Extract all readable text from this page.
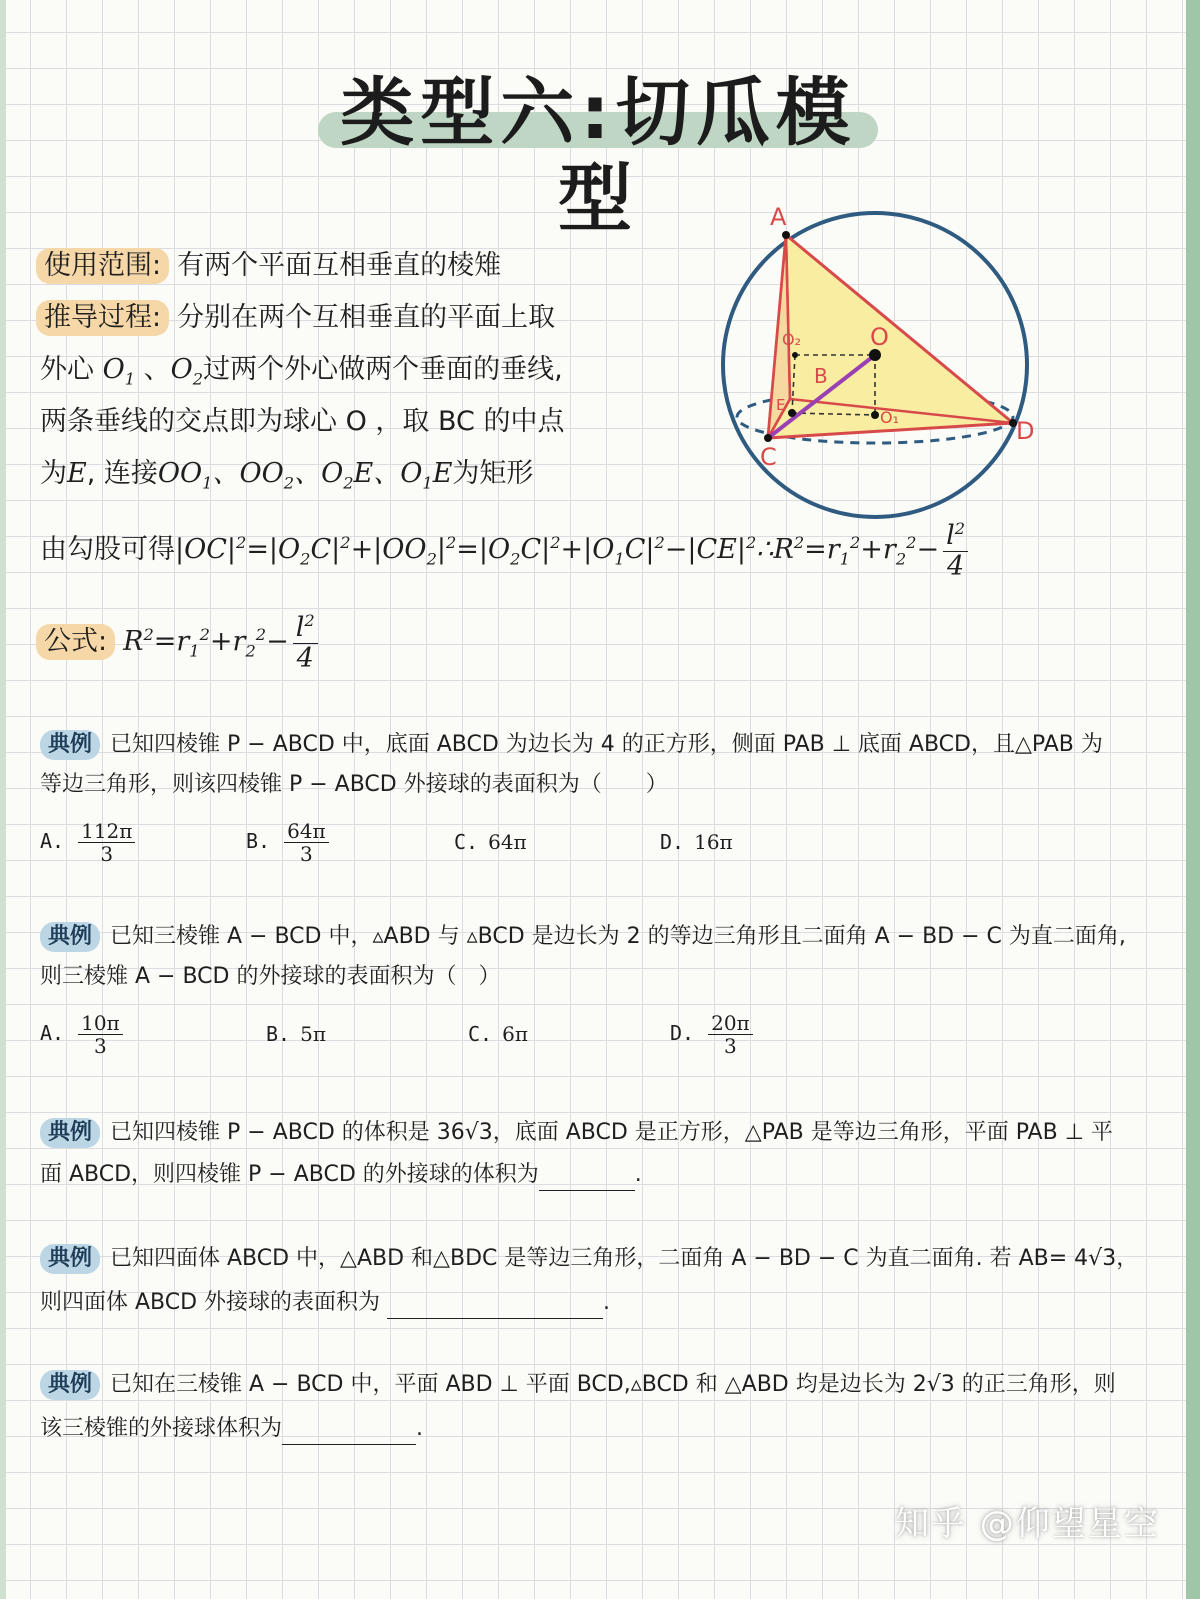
类型六:切瓜模型	A
O
O₂
B
E
O₁
C
D
使用范围: 有两个平面互相垂直的棱雉
推导过程: 分别在两个互相垂直的平面上取
外心 $O_1$ 、$O_2$过两个外心做两个垂面的垂线,
两条垂线的交点即为球心 O ，取 BC 的中点
为E, 连接$OO_1$、$OO_2$、$O_2E$、$O_1E$为矩形
由勾股可得$|OC|^2=|O_2C|^2+|OO_2|^2=|O_2C|^2+|O_1C|^2-|CE|^2\therefore R^2=r_1^2+r_2^2- \frac{l^2}{4}$
公式: $R^2=r_1^2+r_2^2- \frac{l^2}{4}$
典例 已知四棱锥 P − ABCD 中，底面 ABCD 为边长为 4 的正方形，侧面 PAB ⊥ 底面 ABCD，且△PAB 为
等边三角形，则该四棱锥 P − ABCD 外接球的表面积为（　　）
A. $\frac{112\pi}{3}$	B. $\frac{64\pi}{3}$	C. 64π	D. 16π
典例 已知三棱锥 A − BCD 中，▵ABD 与 ▵BCD 是边长为 2 的等边三角形且二面角 A − BD − C 为直二面角,
则三棱雉 A − BCD 的外接球的表面积为（　）
A. $\frac{10\pi}{3}$	B. 5π	C. 6π	D. $\frac{20\pi}{3}$
典例 已知四棱锥 P − ABCD 的体积是 36√3，底面 ABCD 是正方形，△PAB 是等边三角形，平面 PAB ⊥ 平
面 ABCD，则四棱锥 P − ABCD 的外接球的体积为	.
典例 已知四面体 ABCD 中，△ABD 和△BDC 是等边三角形，二面角 A − BD − C 为直二面角. 若 AB= 4√3，
则四面体 ABCD 外接球的表面积为	.
典例 已知在三棱锥 A − BCD 中，平面 ABD ⊥ 平面 BCD,▵BCD 和 △ABD 均是边长为 2√3 的正三角形，则
该三棱锥的外接球体积为	.
知乎 @仰望星空
